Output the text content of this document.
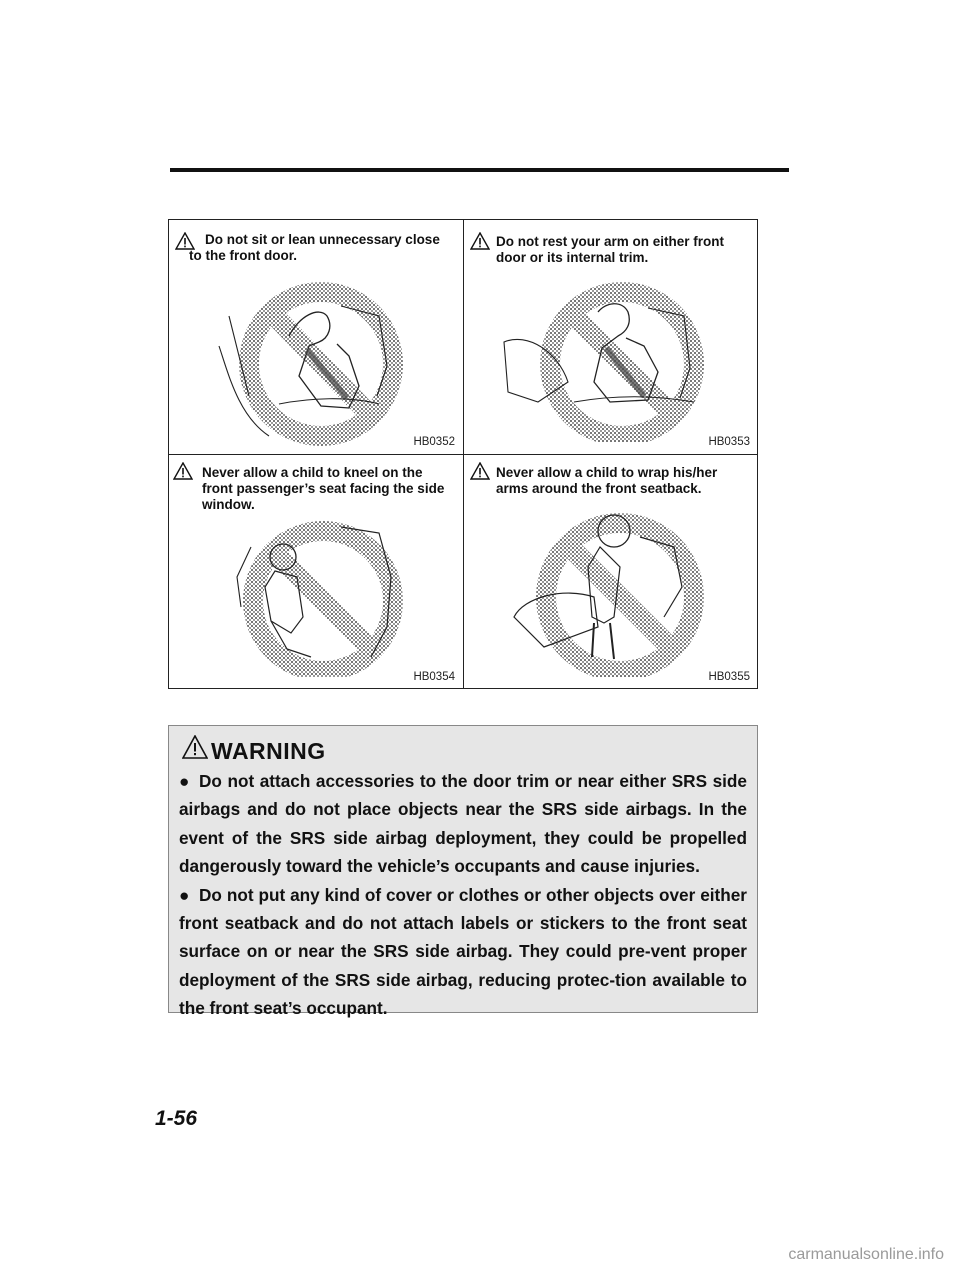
Do not sit or lean unnecessary close
to the front door.
HB0352
Do not rest your arm on either front
door or its internal trim.
HB0353
Never allow a child to kneel on the
front passenger’s seat facing the side
window.
HB0354
Never allow a child to wrap his/her
arms around the front seatback.
HB0355
WARNING

● Do not attach accessories to the door trim or near either SRS side airbags and do not place objects near the SRS side airbags. In the event of the SRS side airbag deployment, they could be propelled dangerously toward the vehicle’s occupants and cause injuries.

● Do not put any kind of cover or clothes or other objects over either front seatback and do not attach labels or stickers to the front seat surface on or near the SRS side airbag. They could pre-vent proper deployment of the SRS side airbag, reducing protec-tion available to the front seat’s occupant.

1-56
carmanualsonline.info
